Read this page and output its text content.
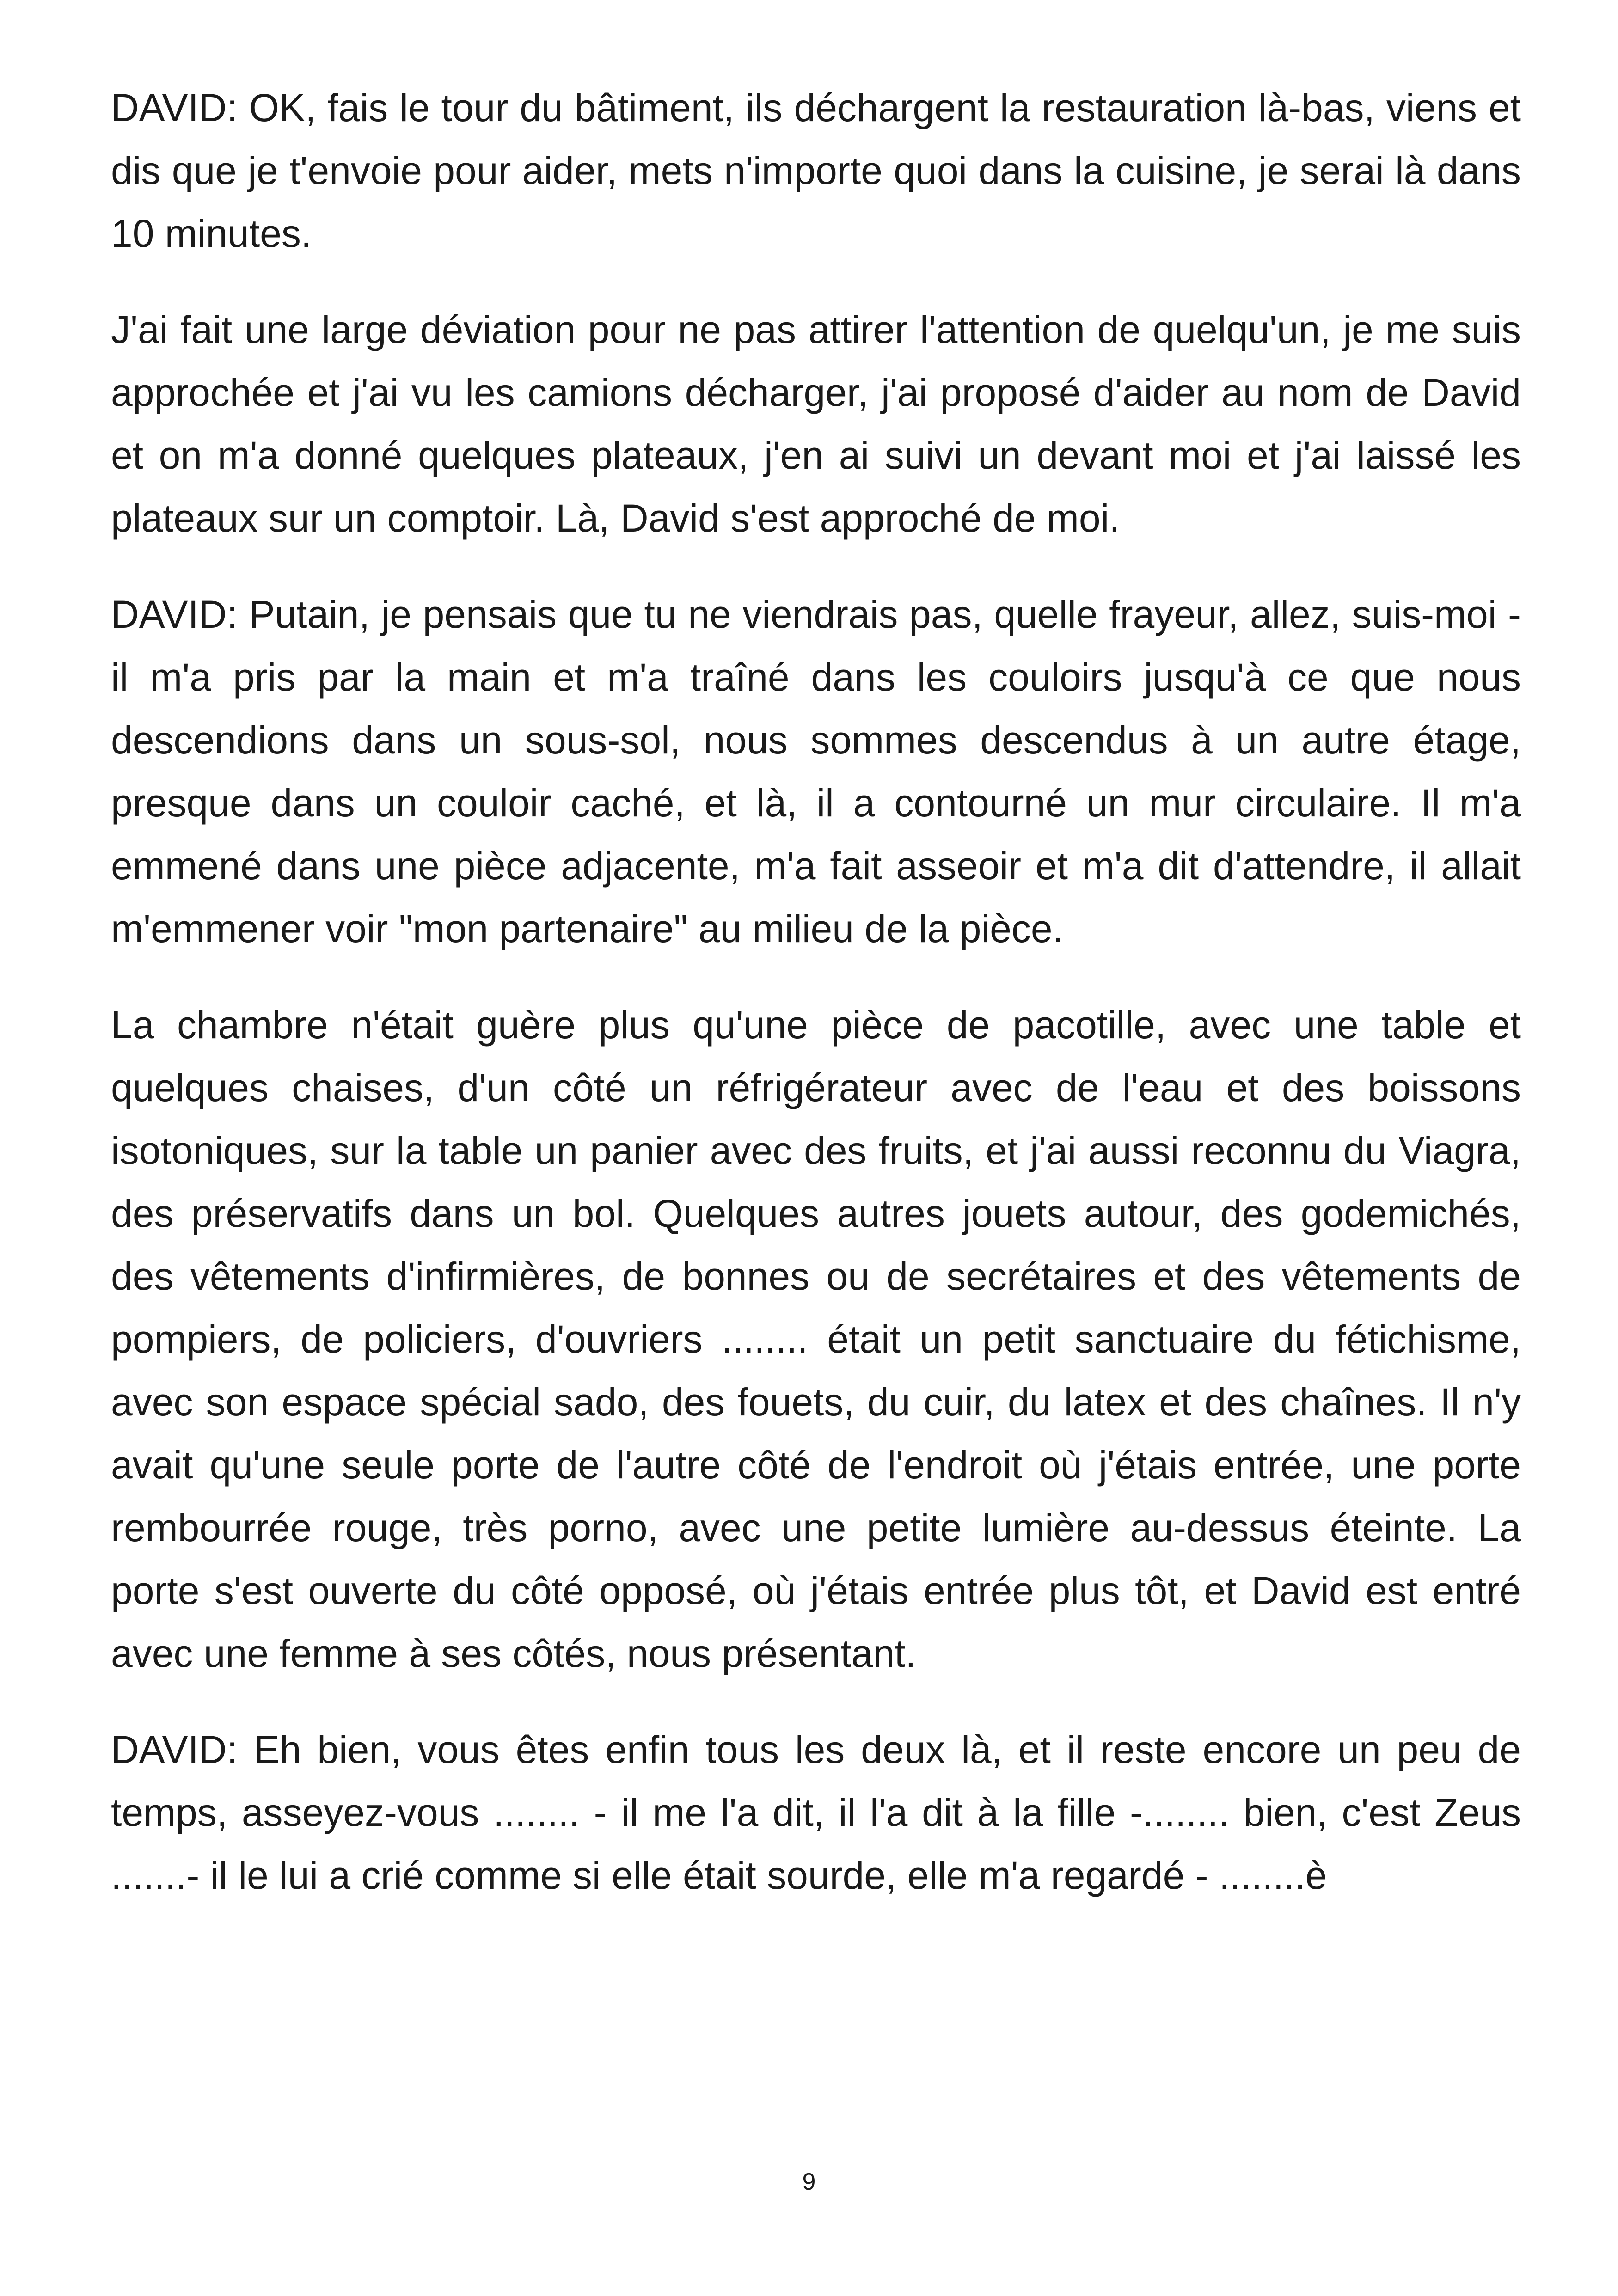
DAVID: OK, fais le tour du bâtiment, ils déchargent la restauration là-bas, viens et dis que je t'envoie pour aider, mets n'importe quoi dans la cuisine, je serai là dans 10 minutes.

J'ai fait une large déviation pour ne pas attirer l'attention de quelqu'un, je me suis approchée et j'ai vu les camions décharger, j'ai proposé d'aider au nom de David et on m'a donné quelques plateaux, j'en ai suivi un devant moi et j'ai laissé les plateaux sur un comptoir. Là, David s'est approché de moi.

DAVID: Putain, je pensais que tu ne viendrais pas, quelle frayeur, allez, suis-moi - il m'a pris par la main et m'a traîné dans les couloirs jusqu'à ce que nous descendions dans un sous-sol, nous sommes descendus à un autre étage, presque dans un couloir caché, et là, il a contourné un mur circulaire. Il m'a emmené dans une pièce adjacente, m'a fait asseoir et m'a dit d'attendre, il allait m'emmener voir "mon partenaire" au milieu de la pièce.

La chambre n'était guère plus qu'une pièce de pacotille, avec une table et quelques chaises, d'un côté un réfrigérateur avec de l'eau et des boissons isotoniques, sur la table un panier avec des fruits, et j'ai aussi reconnu du Viagra, des préservatifs dans un bol. Quelques autres jouets autour, des godemichés, des vêtements d'infirmières, de bonnes ou de secrétaires et des vêtements de pompiers, de policiers, d'ouvriers ........ était un petit sanctuaire du fétichisme, avec son espace spécial sado, des fouets, du cuir, du latex et des chaînes. Il n'y avait qu'une seule porte de l'autre côté de l'endroit où j'étais entrée, une porte rembourrée rouge, très porno, avec une petite lumière au-dessus éteinte. La porte s'est ouverte du côté opposé, où j'étais entrée plus tôt, et David est entré avec une femme à ses côtés, nous présentant.

DAVID: Eh bien, vous êtes enfin tous les deux là, et il reste encore un peu de temps, asseyez-vous ........ - il me l'a dit, il l'a dit à la fille -........ bien, c'est Zeus .......- il le lui a crié comme si elle était sourde, elle m'a regardé - ........è

9
